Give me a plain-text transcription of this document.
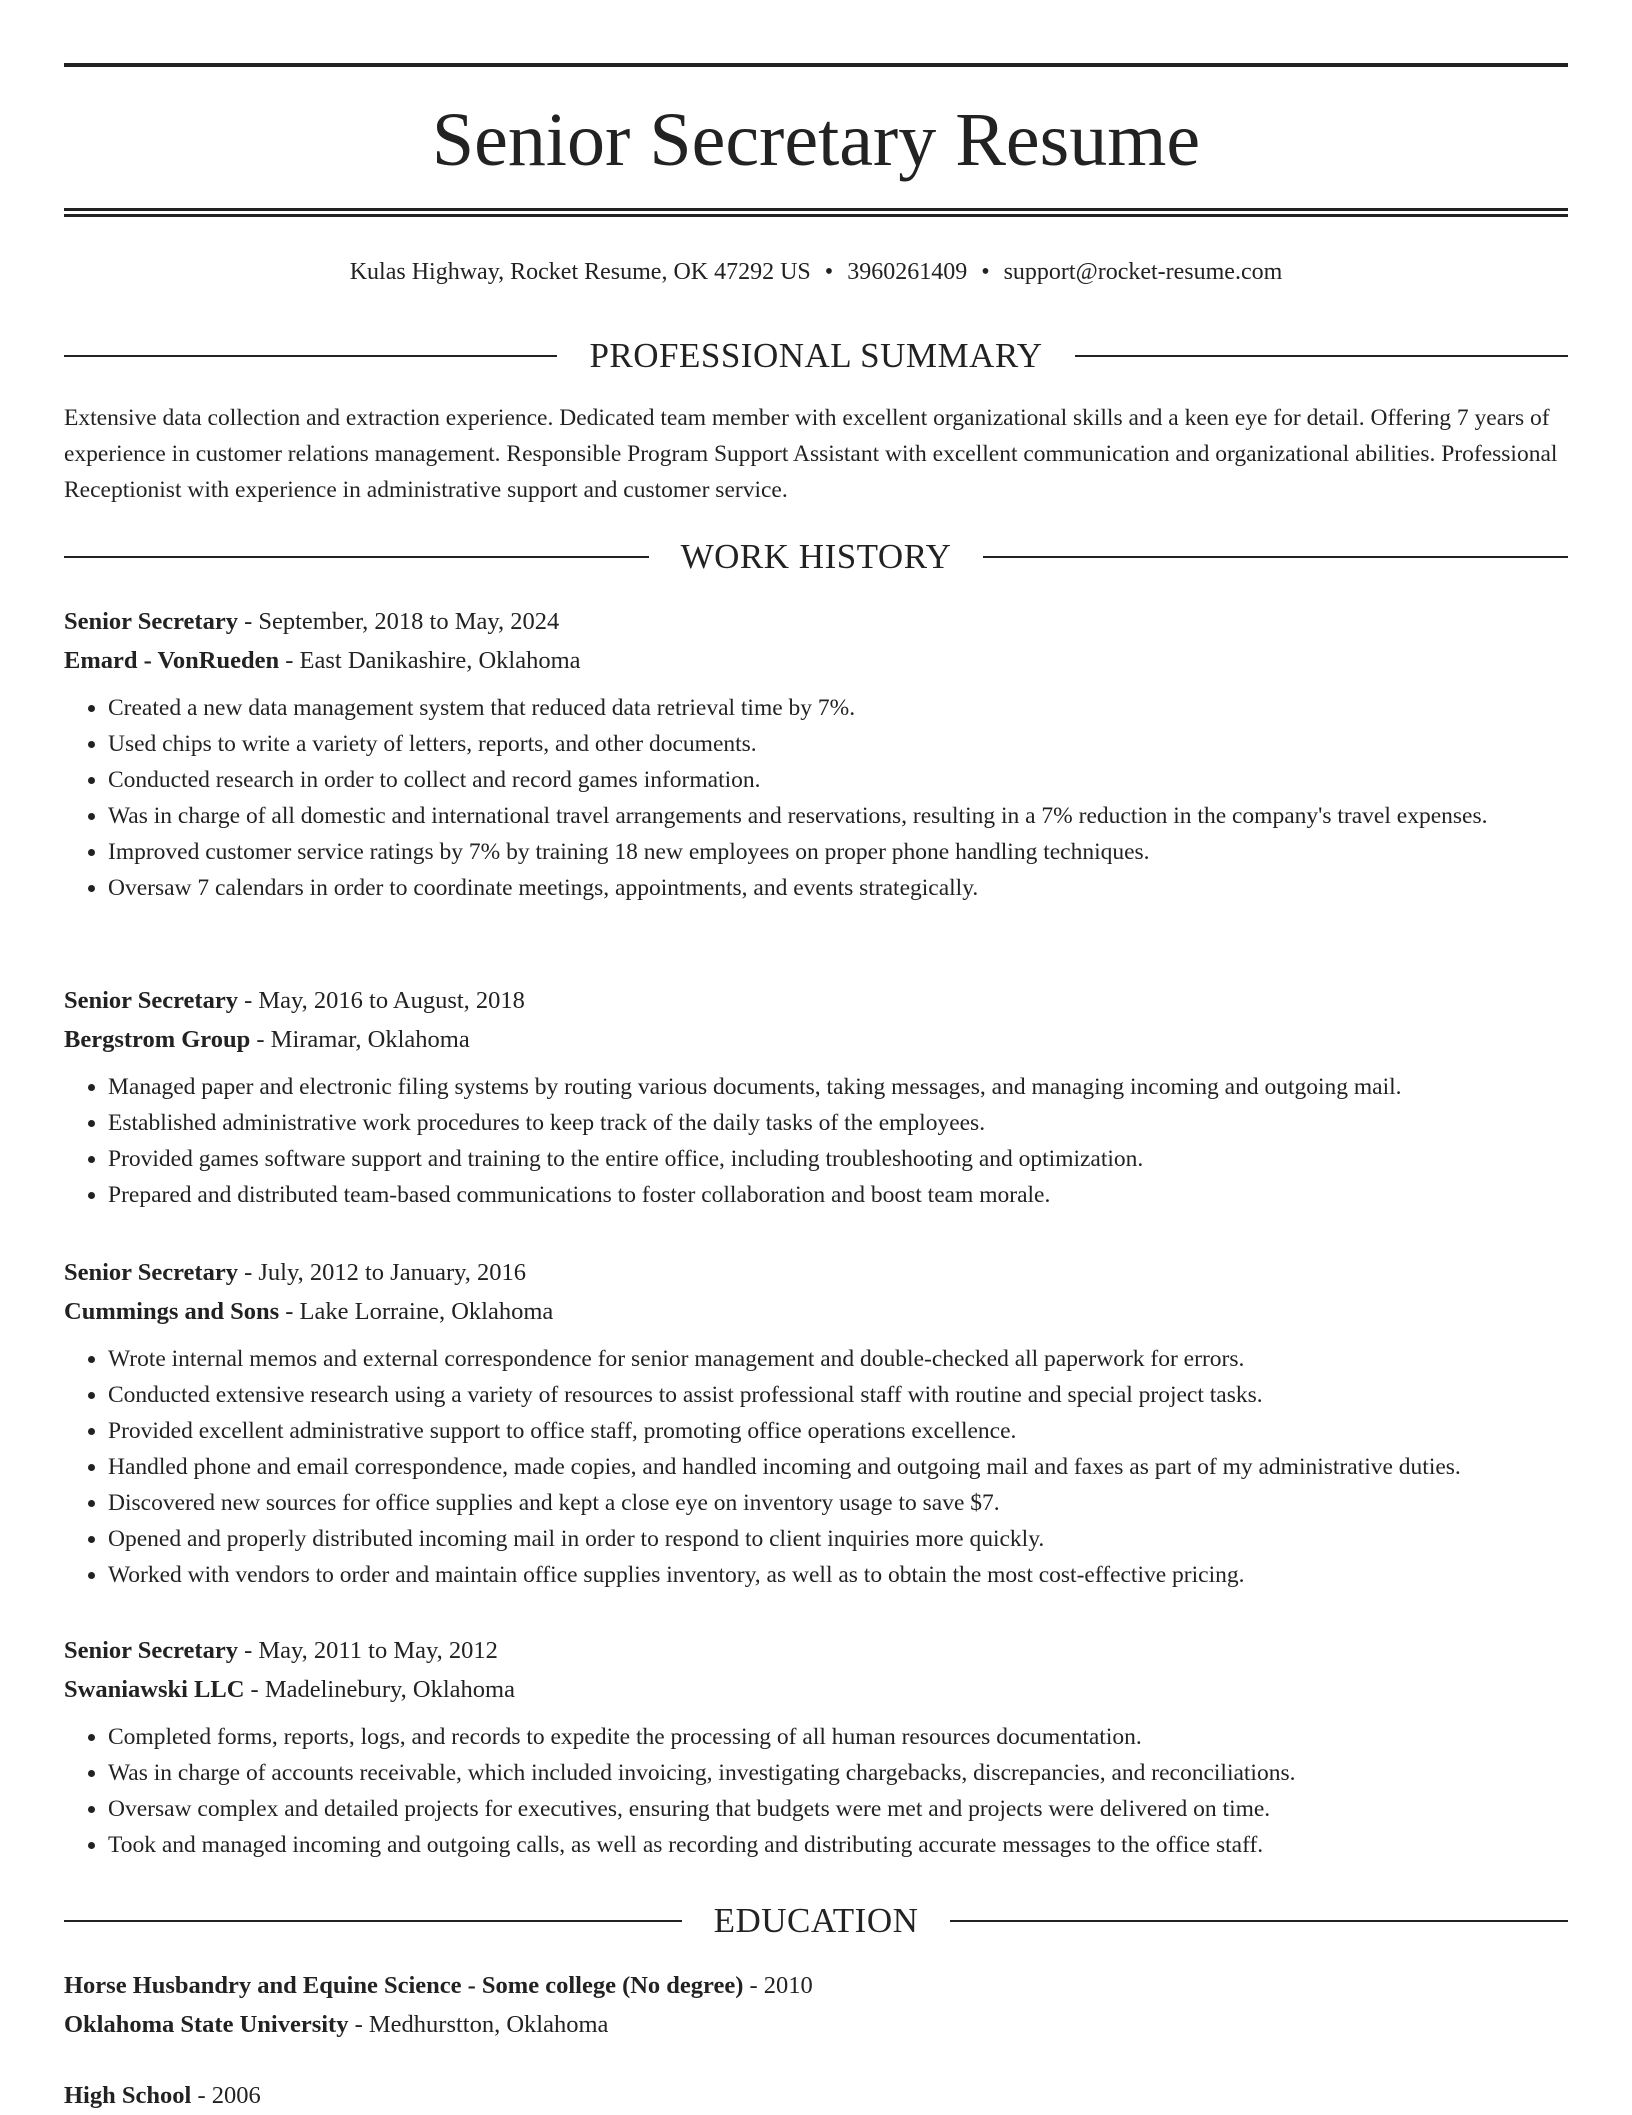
Senior Secretary Resume
Kulas Highway, Rocket Resume, OK 47292 US • 3960261409 • support@rocket-resume.com
PROFESSIONAL SUMMARY
Extensive data collection and extraction experience. Dedicated team member with excellent organizational skills and a keen eye for detail. Offering 7 years of experience in customer relations management. Responsible Program Support Assistant with excellent communication and organizational abilities. Professional Receptionist with experience in administrative support and customer service.
WORK HISTORY
Senior Secretary - September, 2018 to May, 2024
Emard - VonRueden - East Danikashire, Oklahoma
• Created a new data management system that reduced data retrieval time by 7%.
• Used chips to write a variety of letters, reports, and other documents.
• Conducted research in order to collect and record games information.
• Was in charge of all domestic and international travel arrangements and reservations, resulting in a 7% reduction in the company's travel expenses.
• Improved customer service ratings by 7% by training 18 new employees on proper phone handling techniques.
• Oversaw 7 calendars in order to coordinate meetings, appointments, and events strategically.
Senior Secretary - May, 2016 to August, 2018
Bergstrom Group - Miramar, Oklahoma
• Managed paper and electronic filing systems by routing various documents, taking messages, and managing incoming and outgoing mail.
• Established administrative work procedures to keep track of the daily tasks of the employees.
• Provided games software support and training to the entire office, including troubleshooting and optimization.
• Prepared and distributed team-based communications to foster collaboration and boost team morale.
Senior Secretary - July, 2012 to January, 2016
Cummings and Sons - Lake Lorraine, Oklahoma
• Wrote internal memos and external correspondence for senior management and double-checked all paperwork for errors.
• Conducted extensive research using a variety of resources to assist professional staff with routine and special project tasks.
• Provided excellent administrative support to office staff, promoting office operations excellence.
• Handled phone and email correspondence, made copies, and handled incoming and outgoing mail and faxes as part of my administrative duties.
• Discovered new sources for office supplies and kept a close eye on inventory usage to save $7.
• Opened and properly distributed incoming mail in order to respond to client inquiries more quickly.
• Worked with vendors to order and maintain office supplies inventory, as well as to obtain the most cost-effective pricing.
Senior Secretary - May, 2011 to May, 2012
Swaniawski LLC - Madelinebury, Oklahoma
• Completed forms, reports, logs, and records to expedite the processing of all human resources documentation.
• Was in charge of accounts receivable, which included invoicing, investigating chargebacks, discrepancies, and reconciliations.
• Oversaw complex and detailed projects for executives, ensuring that budgets were met and projects were delivered on time.
• Took and managed incoming and outgoing calls, as well as recording and distributing accurate messages to the office staff.
EDUCATION
Horse Husbandry and Equine Science - Some college (No degree) - 2010
Oklahoma State University - Medhurstton, Oklahoma
High School - 2006
